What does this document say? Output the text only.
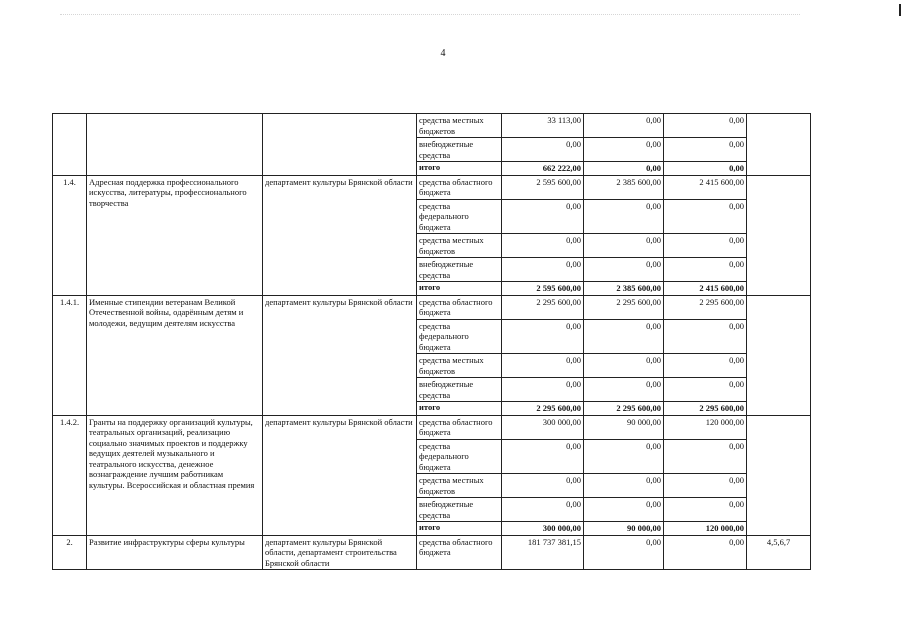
4
			средства местных бюджетов	33 113,00	0,00	0,00	
			внебюджетные средства	0,00	0,00	0,00	
			итого	662 222,00	0,00	0,00	
1.4.	Адресная поддержка профессионального искусства, литературы, профессионального творчества	департамент культуры Брянской области	средства областного бюджета	2 595 600,00	2 385 600,00	2 415 600,00	
			средства федерального бюджета	0,00	0,00	0,00	
			средства местных бюджетов	0,00	0,00	0,00	
			внебюджетные средства	0,00	0,00	0,00	
			итого	2 595 600,00	2 385 600,00	2 415 600,00	
1.4.1.	Именные стипендии ветеранам Великой Отечественной войны, одарённым детям и молодежи, ведущим деятелям искусства	департамент культуры Брянской области	средства областного бюджета	2 295 600,00	2 295 600,00	2 295 600,00	
			средства федерального бюджета	0,00	0,00	0,00	
			средства местных бюджетов	0,00	0,00	0,00	
			внебюджетные средства	0,00	0,00	0,00	
			итого	2 295 600,00	2 295 600,00	2 295 600,00	
1.4.2.	Гранты на поддержку организаций культуры, театральных организаций, реализацию социально значимых проектов и поддержку ведущих деятелей музыкального и театрального искусства, денежное вознаграждение лучшим работникам культуры. Всероссийская и областная премия	департамент культуры Брянской области	средства областного бюджета	300 000,00	90 000,00	120 000,00	
			средства федерального бюджета	0,00	0,00	0,00	
			средства местных бюджетов	0,00	0,00	0,00	
			внебюджетные средства	0,00	0,00	0,00	
			итого	300 000,00	90 000,00	120 000,00	
2.	Развитие инфраструктуры сферы культуры	департамент культуры Брянской области, департамент строительства Брянской области	средства областного бюджета	181 737 381,15	0,00	0,00	4,5,6,7
